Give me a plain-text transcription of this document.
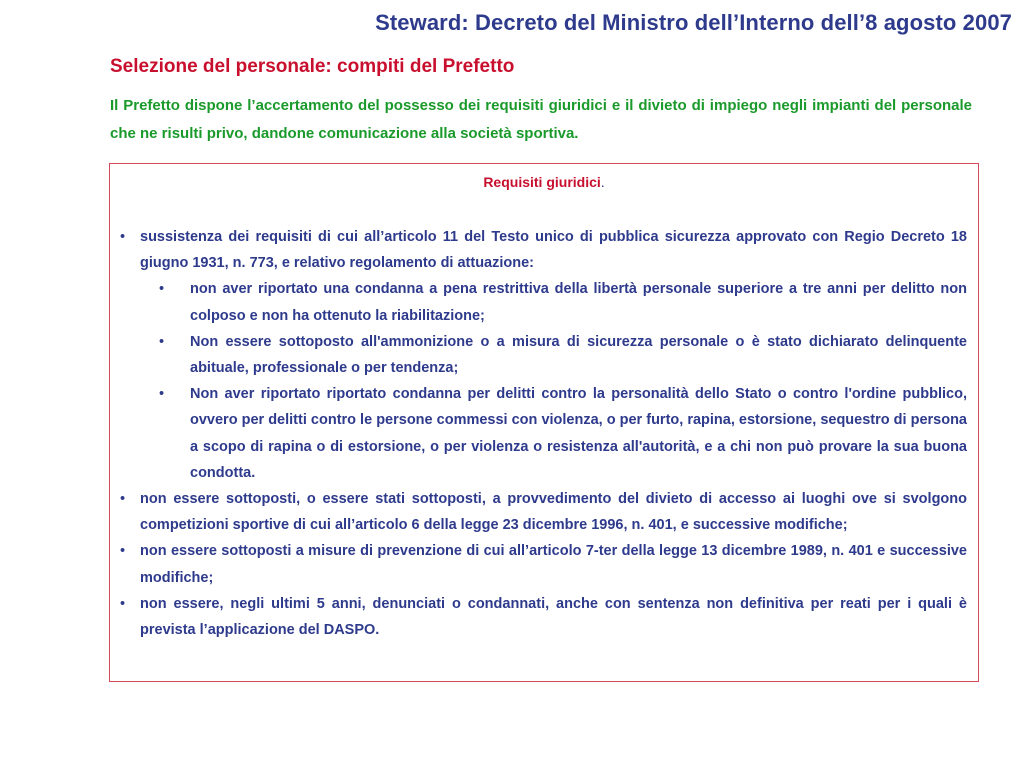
Steward: Decreto del Ministro dell’Interno dell’8 agosto 2007
Selezione del personale: compiti del Prefetto
Il Prefetto dispone l’accertamento del possesso dei requisiti giuridici e il divieto di impiego negli impianti del personale che ne risulti privo, dandone comunicazione alla società sportiva.
Requisiti giuridici.
• sussistenza dei requisiti di cui all’articolo 11 del Testo unico di pubblica sicurezza approvato con Regio Decreto 18 giugno 1931, n. 773, e relativo regolamento di attuazione:
• non aver riportato una condanna a pena restrittiva della libertà personale superiore a tre anni per delitto non colposo e non ha ottenuto la riabilitazione;
• Non essere sottoposto all'ammonizione o a misura di sicurezza personale o è stato dichiarato delinquente abituale, professionale o per tendenza;
• Non aver riportato riportato condanna per delitti contro la personalità dello Stato o contro l'ordine pubblico, ovvero per delitti contro le persone commessi con violenza, o per furto, rapina, estorsione, sequestro di persona a scopo di rapina o di estorsione, o per violenza o resistenza all'autorità, e a chi non può provare la sua buona condotta.
• non essere sottoposti, o essere stati sottoposti, a provvedimento del divieto di accesso ai luoghi ove si svolgono competizioni sportive di cui all’articolo 6 della legge 23 dicembre 1996, n. 401, e successive modifiche;
• non essere sottoposti a misure di prevenzione di cui all’articolo 7-ter della legge 13 dicembre 1989, n. 401 e successive modifiche;
• non essere, negli ultimi 5 anni, denunciati o condannati, anche con sentenza non definitiva per reati per i quali è prevista l’applicazione del DASPO.
